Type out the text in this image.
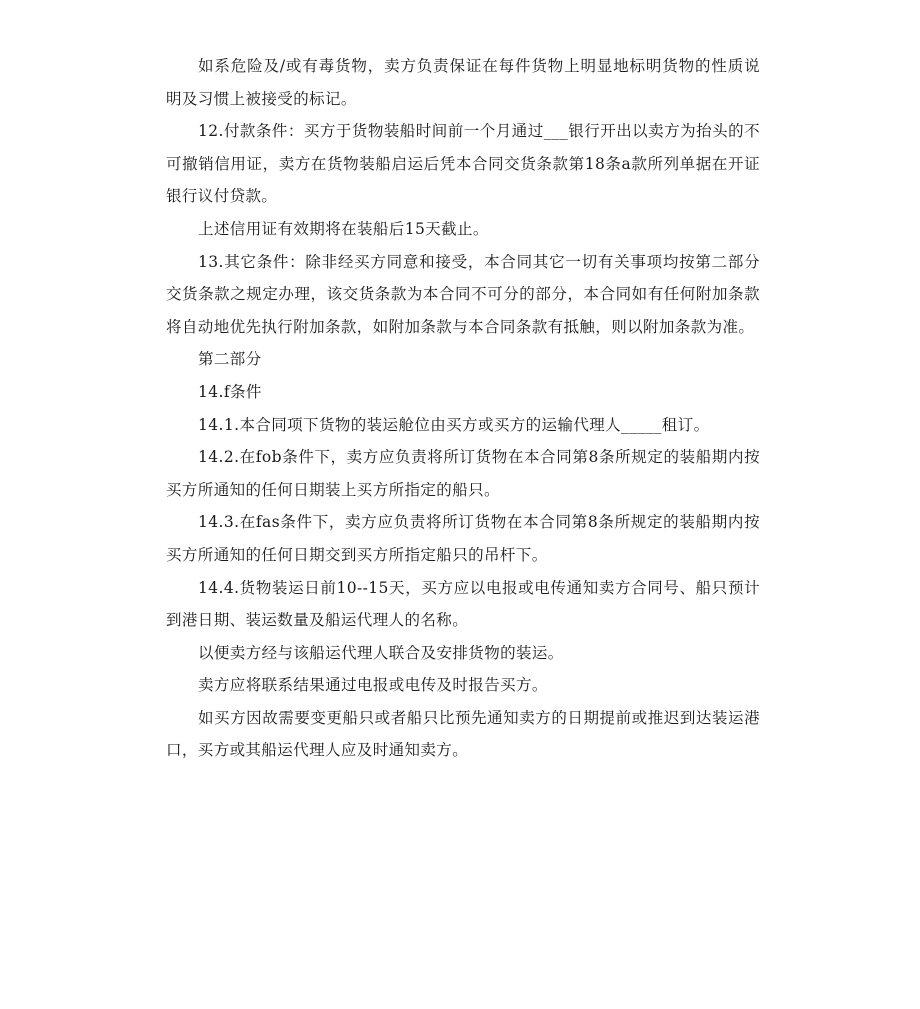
如系危险及/或有毒货物，卖方负责保证在每件货物上明显地标明货物的性质说明及习惯上被接受的标记。

12.付款条件：买方于货物装船时间前一个月通过___银行开出以卖方为抬头的不可撤销信用证，卖方在货物装船启运后凭本合同交货条款第18条a款所列单据在开证银行议付贷款。

上述信用证有效期将在装船后15天截止。

13.其它条件：除非经买方同意和接受，本合同其它一切有关事项均按第二部分交货条款之规定办理，该交货条款为本合同不可分的部分，本合同如有任何附加条款将自动地优先执行附加条款，如附加条款与本合同条款有抵触，则以附加条款为准。

第二部分

14.f条件

14.1.本合同项下货物的装运舱位由买方或买方的运输代理人_____租订。

14.2.在fob条件下，卖方应负责将所订货物在本合同第8条所规定的装船期内按买方所通知的任何日期装上买方所指定的船只。

14.3.在fas条件下，卖方应负责将所订货物在本合同第8条所规定的装船期内按买方所通知的任何日期交到买方所指定船只的吊杆下。

14.4.货物装运日前10--15天，买方应以电报或电传通知卖方合同号、船只预计到港日期、装运数量及船运代理人的名称。

以便卖方经与该船运代理人联合及安排货物的装运。

卖方应将联系结果通过电报或电传及时报告买方。

如买方因故需要变更船只或者船只比预先通知卖方的日期提前或推迟到达装运港口，买方或其船运代理人应及时通知卖方。
